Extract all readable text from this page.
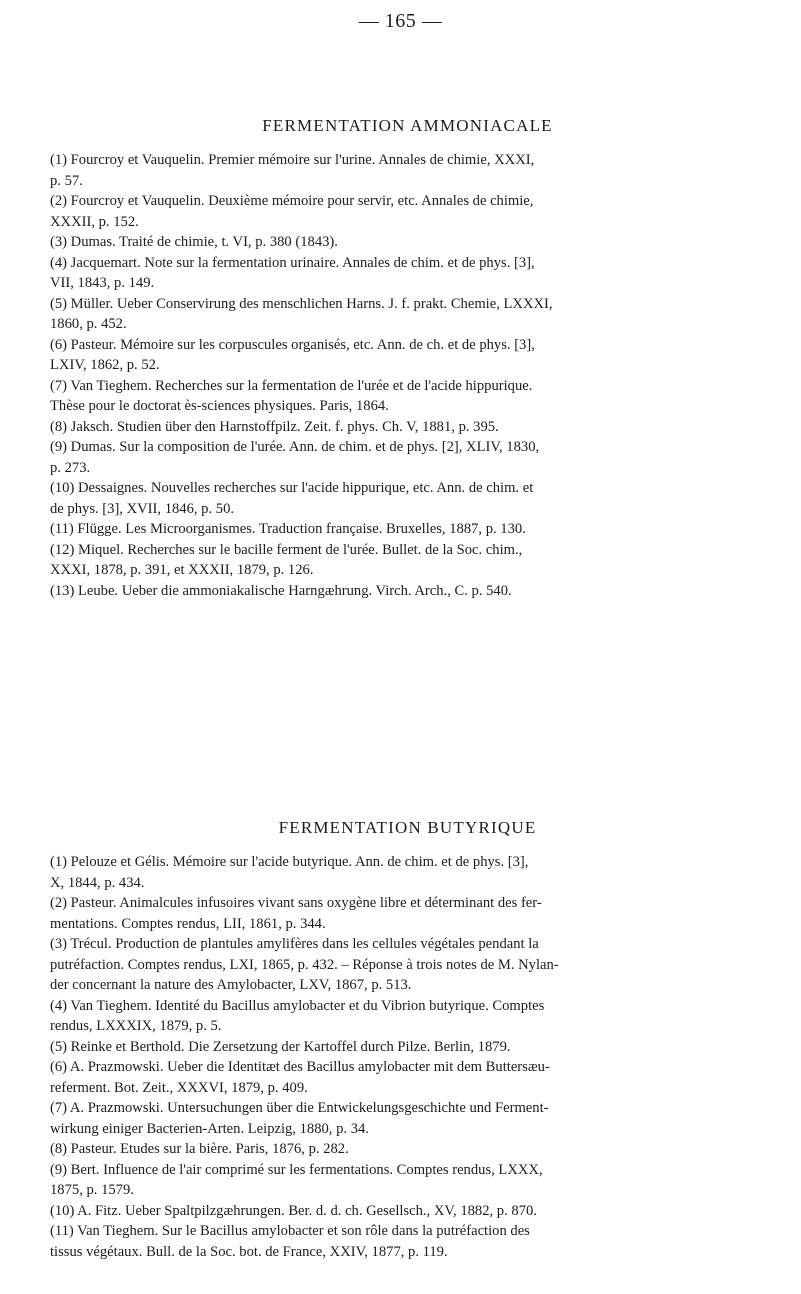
— 165 —
FERMENTATION AMMONIACALE
(1) Fourcroy et Vauquelin. Premier mémoire sur l'urine. Annales de chimie, XXXI,
p. 57.
(2) Fourcroy et Vauquelin. Deuxième mémoire pour servir, etc. Annales de chimie,
XXXII, p. 152.
(3) Dumas. Traité de chimie, t. VI, p. 380 (1843).
(4) Jacquemart. Note sur la fermentation urinaire. Annales de chim. et de phys. [3],
VII, 1843, p. 149.
(5) Müller. Ueber Conservirung des menschlichen Harns. J. f. prakt. Chemie, LXXXI,
1860, p. 452.
(6) Pasteur. Mémoire sur les corpuscules organisés, etc. Ann. de ch. et de phys. [3],
LXIV, 1862, p. 52.
(7) Van Tieghem. Recherches sur la fermentation de l'urée et de l'acide hippurique.
Thèse pour le doctorat ès-sciences physiques. Paris, 1864.
(8) Jaksch. Studien über den Harnstoffpilz. Zeit. f. phys. Ch. V, 1881, p. 395.
(9) Dumas. Sur la composition de l'urée. Ann. de chim. et de phys. [2], XLIV, 1830,
p. 273.
(10) Dessaignes. Nouvelles recherches sur l'acide hippurique, etc. Ann. de chim. et
de phys. [3], XVII, 1846, p. 50.
(11) Flügge. Les Microorganismes. Traduction française. Bruxelles, 1887, p. 130.
(12) Miquel. Recherches sur le bacille ferment de l'urée. Bullet. de la Soc. chim.,
XXXI, 1878, p. 391, et XXXII, 1879, p. 126.
(13) Leube. Ueber die ammoniakalische Harngæhrung. Virch. Arch., C. p. 540.
FERMENTATION BUTYRIQUE
(1) Pelouze et Gélis. Mémoire sur l'acide butyrique. Ann. de chim. et de phys. [3],
X, 1844, p. 434.
(2) Pasteur. Animalcules infusoires vivant sans oxygène libre et déterminant des fer-
mentations. Comptes rendus, LII, 1861, p. 344.
(3) Trécul. Production de plantules amylifères dans les cellules végétales pendant la
putréfaction. Comptes rendus, LXI, 1865, p. 432. – Réponse à trois notes de M. Nylan-
der concernant la nature des Amylobacter, LXV, 1867, p. 513.
(4) Van Tieghem. Identité du Bacillus amylobacter et du Vibrion butyrique. Comptes
rendus, LXXXIX, 1879, p. 5.
(5) Reinke et Berthold. Die Zersetzung der Kartoffel durch Pilze. Berlin, 1879.
(6) A. Prazmowski. Ueber die Identitæt des Bacillus amylobacter mit dem Buttersæu-
referment. Bot. Zeit., XXXVI, 1879, p. 409.
(7) A. Prazmowski. Untersuchungen über die Entwickelungsgeschichte und Ferment-
wirkung einiger Bacterien-Arten. Leipzig, 1880, p. 34.
(8) Pasteur. Etudes sur la bière. Paris, 1876, p. 282.
(9) Bert. Influence de l'air comprimé sur les fermentations. Comptes rendus, LXXX,
1875, p. 1579.
(10) A. Fitz. Ueber Spaltpilzgæhrungen. Ber. d. d. ch. Gesellsch., XV, 1882, p. 870.
(11) Van Tieghem. Sur le Bacillus amylobacter et son rôle dans la putréfaction des
tissus végétaux. Bull. de la Soc. bot. de France, XXIV, 1877, p. 119.
